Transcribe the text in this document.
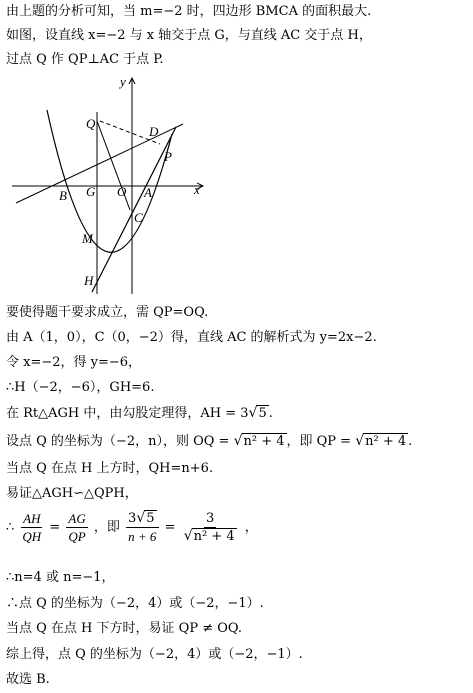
由上题的分析可知，当 m=−2 时，四边形 BMCA 的面积最大.
如图，设直线 x=−2 与 x 轴交于点 G，与直线 AC 交于点 H，
过点 Q 作 QP⊥AC 于点 P.
y
x
Q
D
P
B G O A
C
M
H
要使得题干要求成立，需 QP=OQ.
由 A（1，0），C（0，−2）得，直线 AC 的解析式为 y=2x−2.
令 x=−2，得 y=−6，
∴H（−2，−6），GH=6.
在 Rt△AGH 中，由勾股定理得，AH = 3√5 .
设点 Q 的坐标为（−2，n），则 OQ = √n² + 4 ，即 QP = √n² + 4 .
当点 Q 在点 H 上方时，QH=n+6.
易证△AGH∽△QPH，
∴ $\frac{AH}{QH} = \frac{AG}{QP}$ ，即 $\frac{3√5}{n + 6} = \frac{3}{\text{√n² + 4}}$ ，
∴n=4 或 n=−1，
∴点 Q 的坐标为（−2，4）或（−2，−1）.
当点 Q 在点 H 下方时，易证 QP ≠ OQ.
综上得，点 Q 的坐标为（−2，4）或（−2，−1）.
故选 B.
